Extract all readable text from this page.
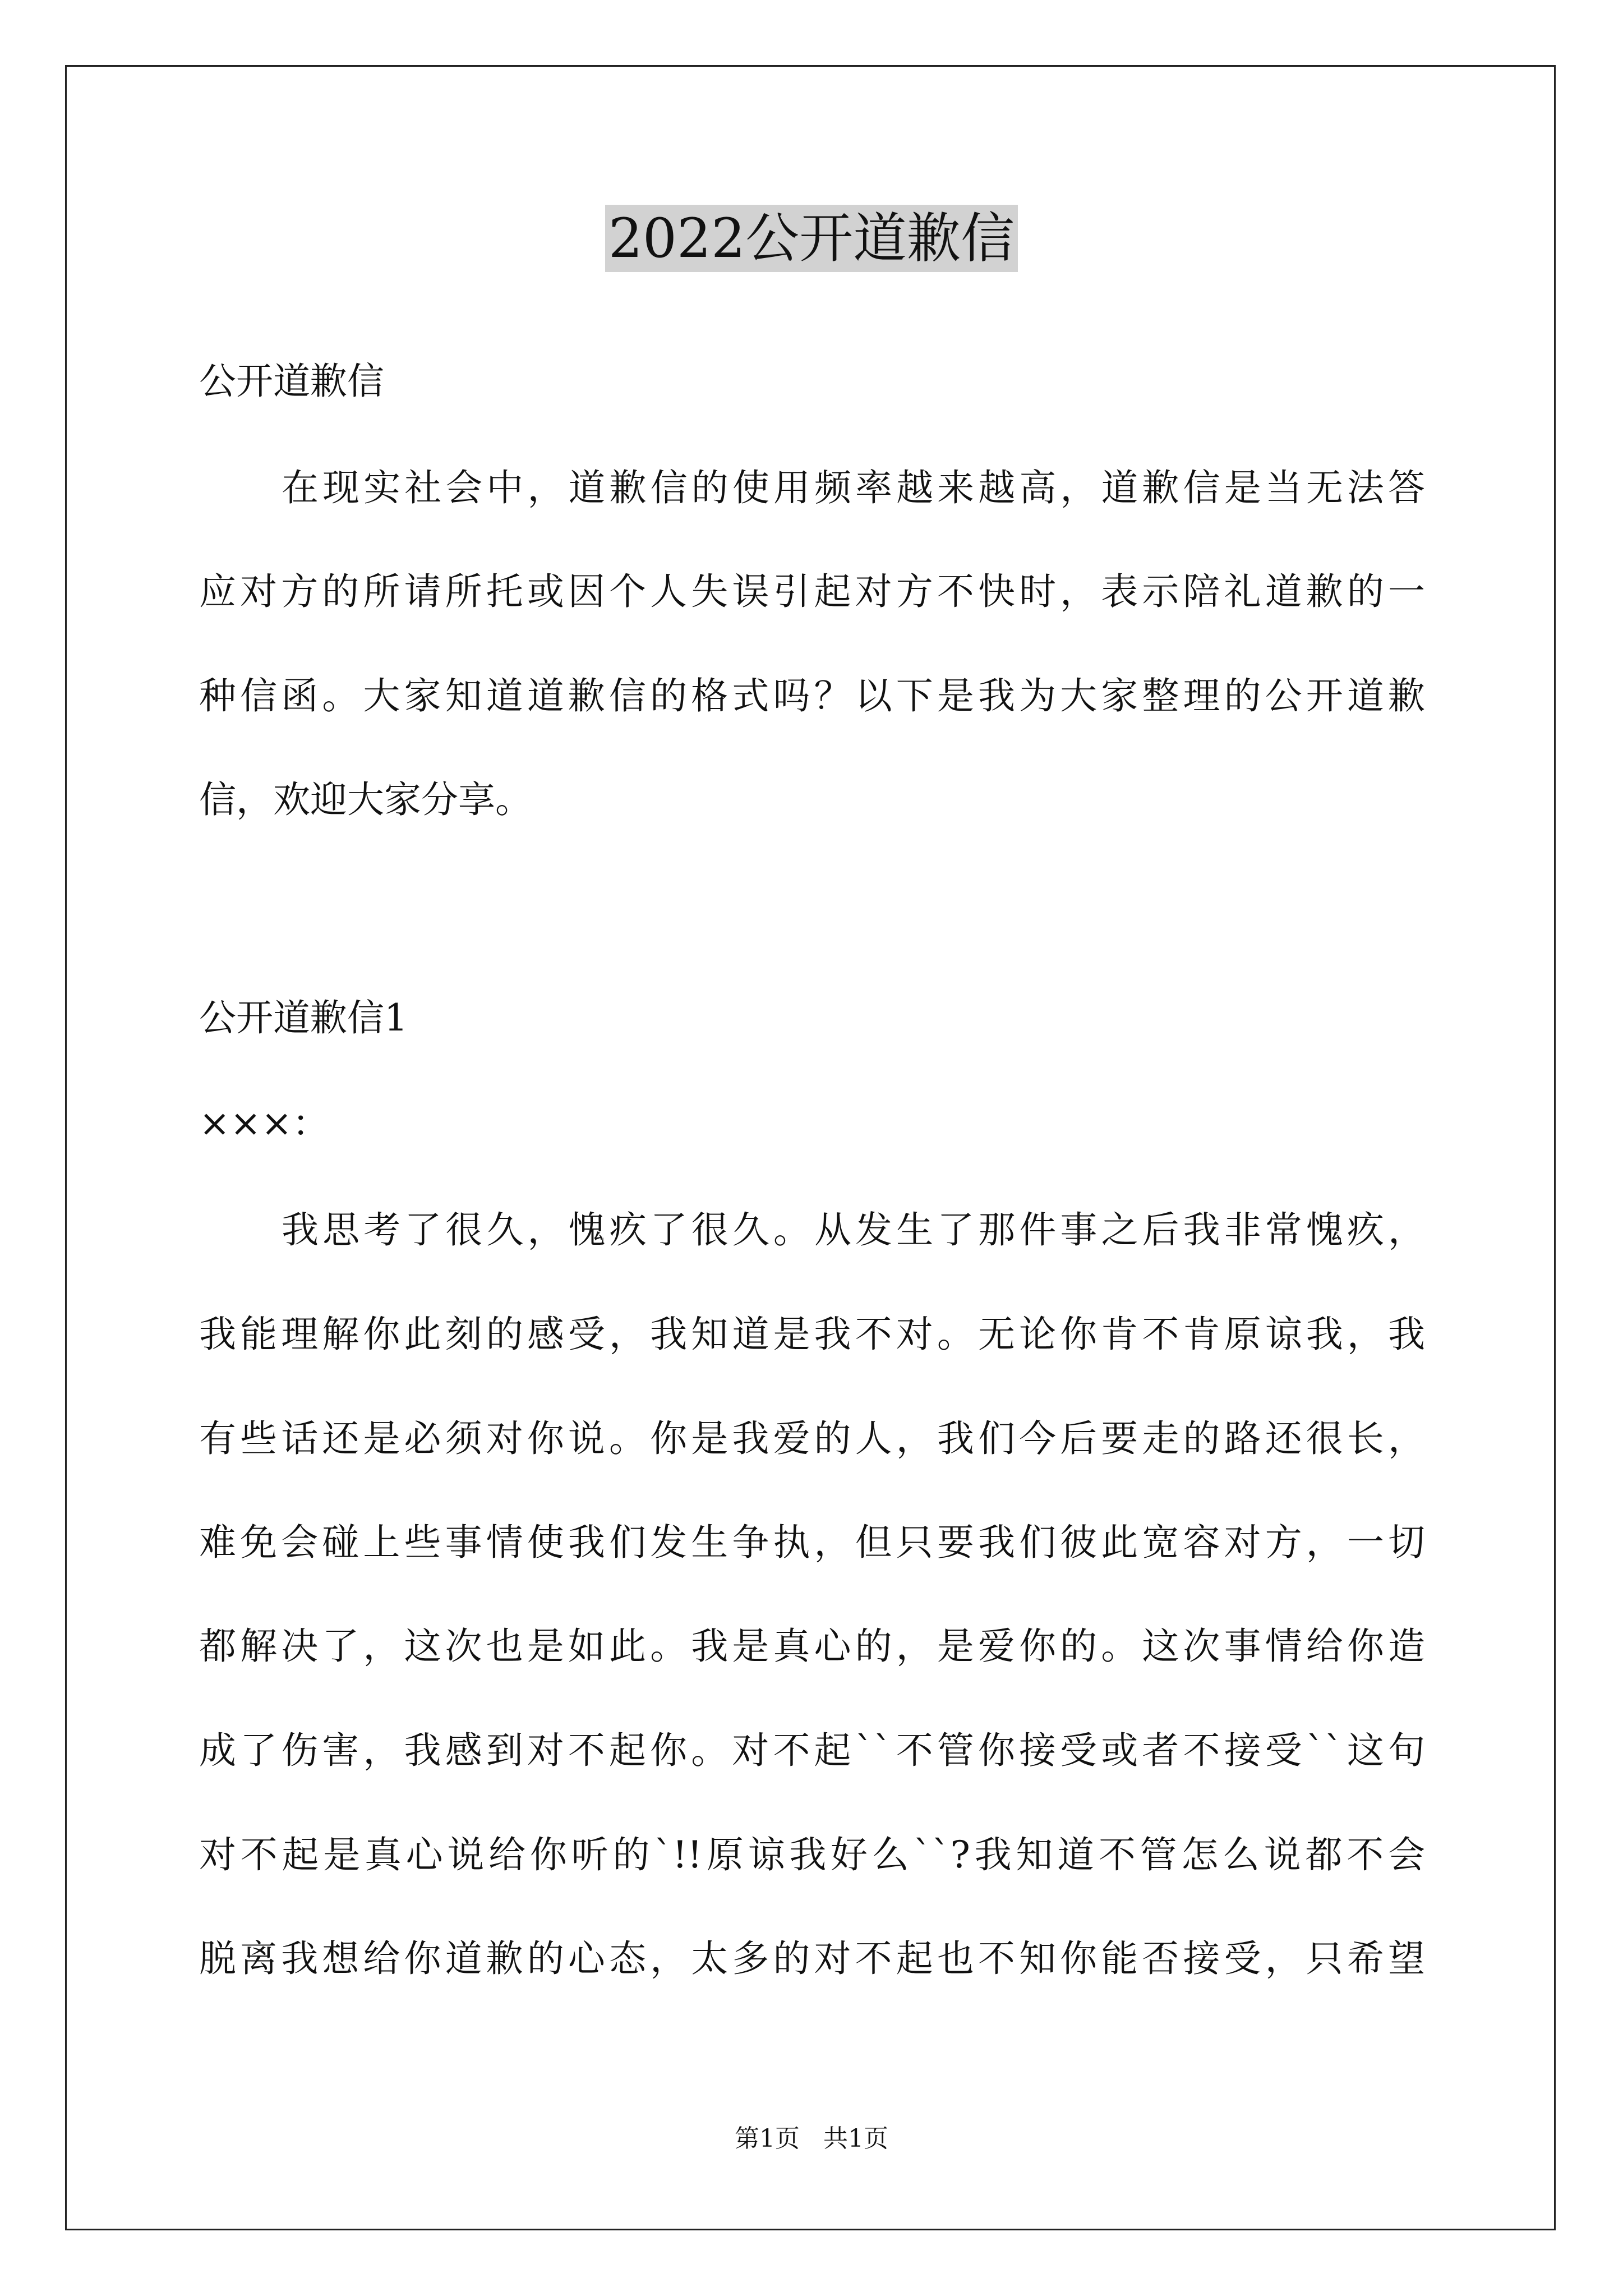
2022公开道歉信
公开道歉信
在现实社会中，道歉信的使用频率越来越高，道歉信是当无法答
应对方的所请所托或因个人失误引起对方不快时，表示陪礼道歉的一
种信函。大家知道道歉信的格式吗？以下是我为大家整理的公开道歉
信，欢迎大家分享。
公开道歉信1
×××：
我思考了很久，愧疚了很久。从发生了那件事之后我非常愧疚，
我能理解你此刻的感受，我知道是我不对。无论你肯不肯原谅我，我
有些话还是必须对你说。你是我爱的人，我们今后要走的路还很长，
难免会碰上些事情使我们发生争执，但只要我们彼此宽容对方，一切
都解决了，这次也是如此。我是真心的，是爱你的。这次事情给你造
成了伤害，我感到对不起你。对不起``不管你接受或者不接受``这句
对不起是真心说给你听的`!!原谅我好么``?我知道不管怎么说都不会
脱离我想给你道歉的心态，太多的对不起也不知你能否接受，只希望
第1页   共1页
